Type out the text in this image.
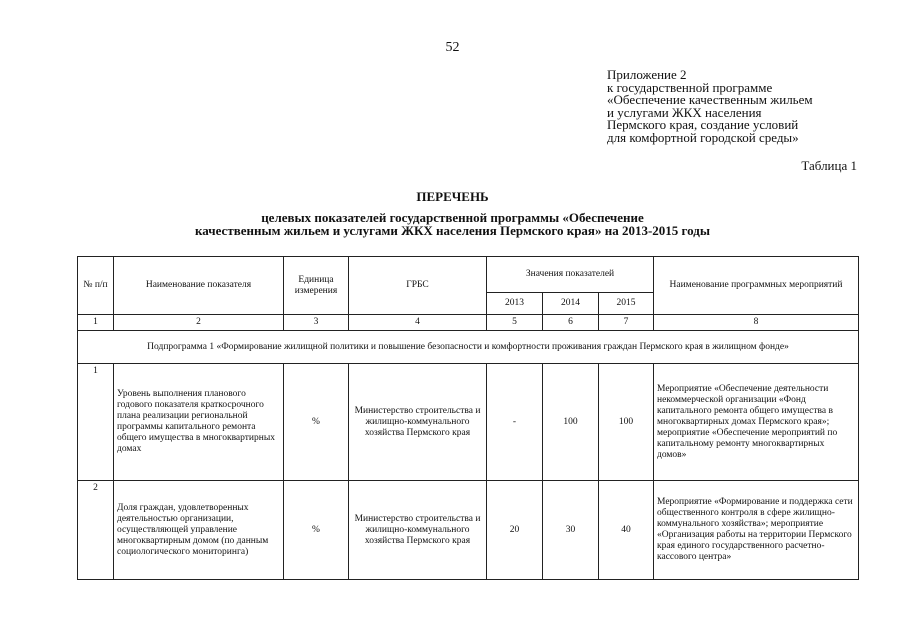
52
Приложение 2
к государственной программе
«Обеспечение качественным жильем
и услугами ЖКХ населения
Пермского края, создание условий
для комфортной городской среды»
Таблица 1
ПЕРЕЧЕНЬ
целевых показателей государственной программы «Обеспечение
качественным жильем и услугами ЖКХ населения Пермского края» на 2013-2015 годы
№ п/п	Наименование показателя	Единица измерения	ГРБС	Значения показателей			Наименование программных мероприятий
				2013	2014	2015	
1	2	3	4	5	6	7	8
Подпрограмма 1 «Формирование жилищной политики и повышение безопасности и комфортности проживания граждан Пермского края в жилищном фонде»							
1	Уровень выполнения планового годового показателя краткосрочного плана реализации региональной программы капитального ремонта общего имущества в многоквартирных домах	%	Министерство строительства и жилищно-коммунального хозяйства Пермского края	-	100	100	Мероприятие «Обеспечение деятельности некоммерческой организации «Фонд капитального ремонта общего имущества в многоквартирных домах Пермского края»; мероприятие «Обеспечение мероприятий по капитальному ремонту многоквартирных домов»
2	Доля граждан, удовлетворенных деятельностью организации, осуществляющей управление многоквартирным домом (по данным социологического мониторинга)	%	Министерство строительства и жилищно-коммунального хозяйства Пермского края	20	30	40	Мероприятие «Формирование и поддержка сети общественного контроля в сфере жилищно-коммунального хозяйства»; мероприятие «Организация работы на территории Пермского края единого государственного расчетно-кассового центра»
